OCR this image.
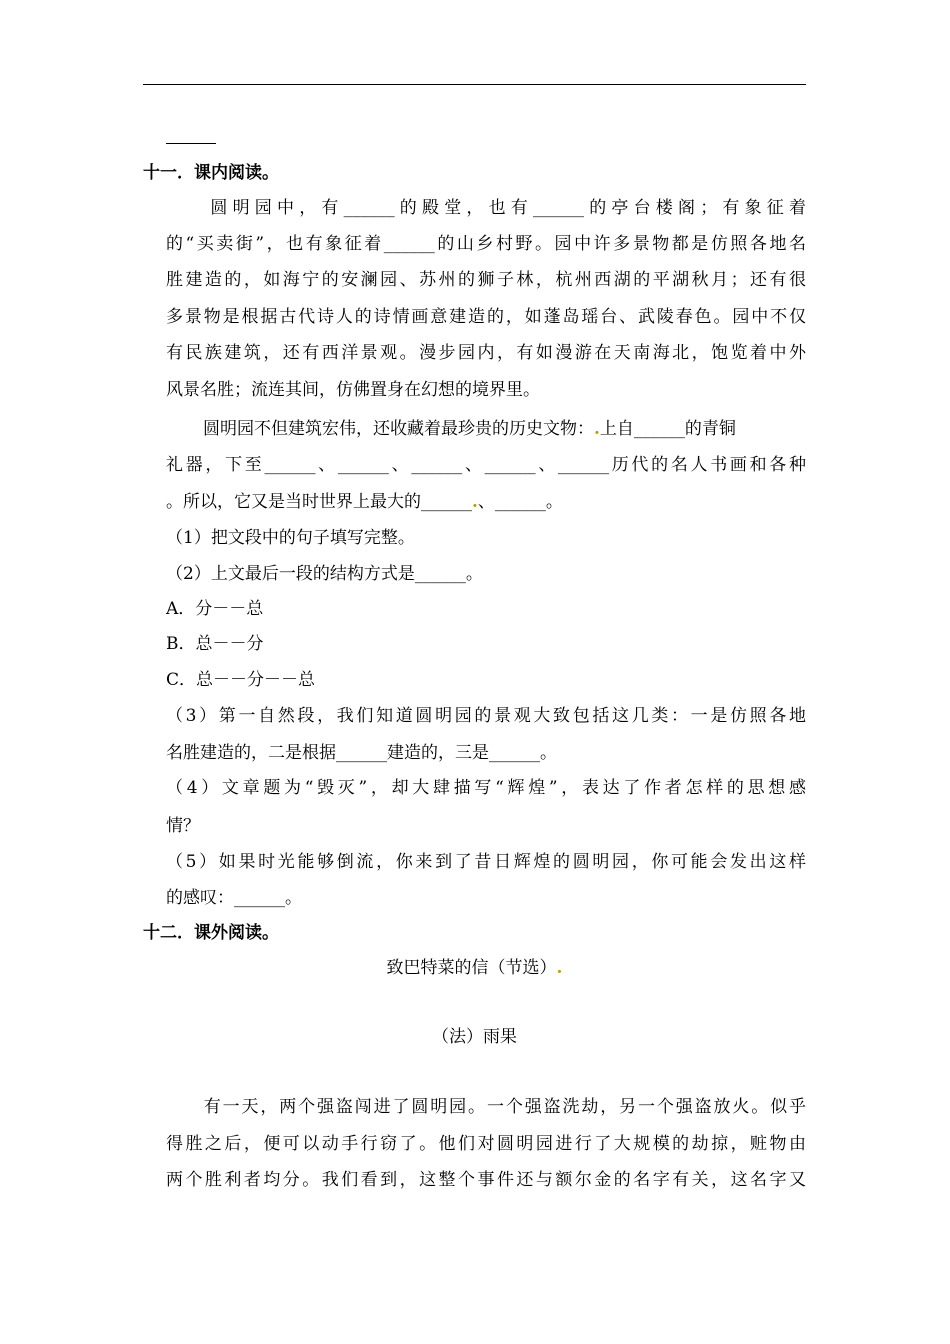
十一．课内阅读。
　　圆明园中，有______的殿堂，也有______的亭台楼阁；有象征着
的“买卖街”，也有象征着______的山乡村野。园中许多景物都是仿照各地名
胜建造的，如海宁的安澜园、苏州的狮子林，杭州西湖的平湖秋月；还有很
多景物是根据古代诗人的诗情画意建造的，如蓬岛瑶台、武陵春色。园中不仅
有民族建筑，还有西洋景观。漫步园内，有如漫游在天南海北，饱览着中外
风景名胜；流连其间，仿佛置身在幻想的境界里。
圆明园不但建筑宏伟，还收藏着最珍贵的历史文物：.上自______的青铜
礼器，下至______、______、______、______、______历代的名人书画和各种
。所以，它又是当时世界上最大的______.、______。
（1）把文段中的句子填写完整。
（2）上文最后一段的结构方式是______。
A．分－－总
B．总－－分
C．总－－分－－总
（3）第一自然段，我们知道圆明园的景观大致包括这几类：一是仿照各地
名胜建造的，二是根据______建造的，三是______。
（4）文章题为“毁灭”，却大肆描写“辉煌”，表达了作者怎样的思想感
情？
（5）如果时光能够倒流，你来到了昔日辉煌的圆明园，你可能会发出这样
的感叹：______。
十二．课外阅读。
致巴特菜的信（节选）.
（法）雨果
　　有一天，两个强盗闯进了圆明园。一个强盗洗劫，另一个强盗放火。似乎
得胜之后，便可以动手行窃了。他们对圆明园进行了大规模的劫掠，赃物由
两个胜利者均分。我们看到，这整个事件还与额尔金的名字有关，这名字又
